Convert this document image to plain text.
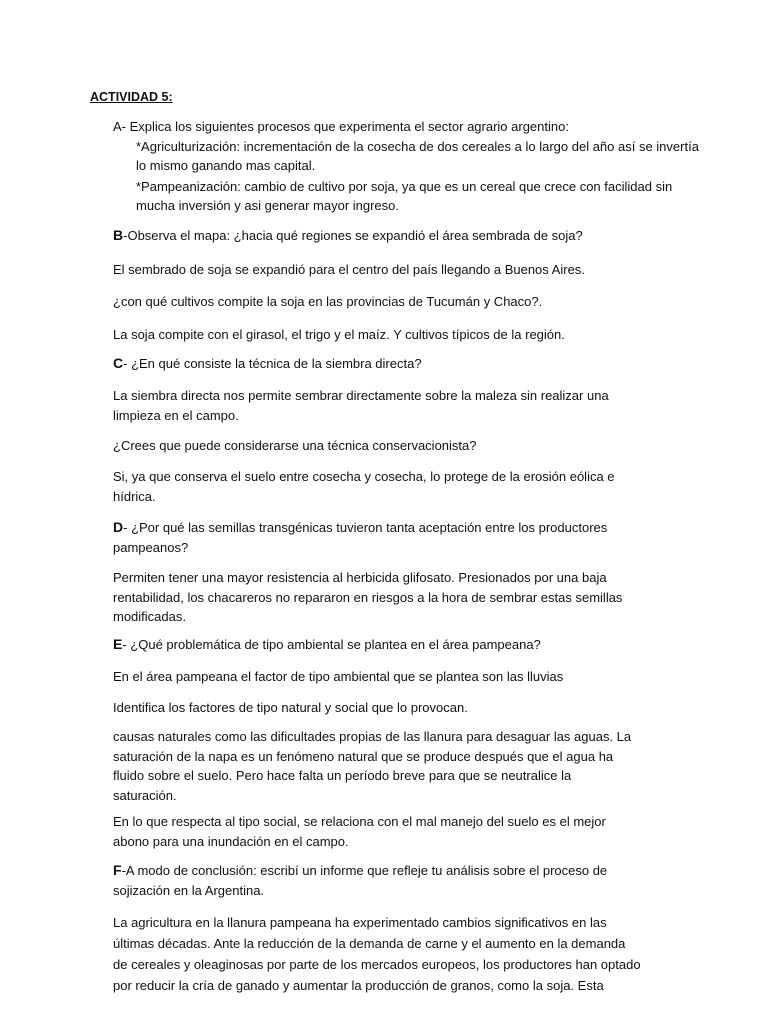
ACTIVIDAD 5:
A- Explica los siguientes procesos que experimenta el sector agrario argentino:
*Agriculturización: incrementación de la cosecha de dos cereales a lo largo del año así se invertía
lo mismo ganando mas capital.
*Pampeanización: cambio de cultivo por soja, ya que es un cereal que crece con facilidad sin
mucha inversión y asi generar mayor ingreso.
B-Observa el mapa: ¿hacia qué regiones se expandió el área sembrada de soja?
El sembrado de soja se expandió para el centro del país llegando a Buenos Aires.
¿con qué cultivos compite la soja en las provincias de Tucumán y Chaco?.
La soja compite con el girasol, el trigo y el maíz. Y cultivos típicos de la región.
C- ¿En qué consiste la técnica de la siembra directa?
La siembra directa nos permite sembrar directamente sobre la maleza sin realizar una
limpieza en el campo.
¿Crees que puede considerarse una técnica conservacionista?
Si, ya que conserva el suelo entre cosecha y cosecha, lo protege de la erosión eólica e
hídrica.
D- ¿Por qué las semillas transgénicas tuvieron tanta aceptación entre los productores
pampeanos?
Permiten tener una mayor resistencia al herbicida glifosato. Presionados por una baja
rentabilidad, los chacareros no repararon en riesgos a la hora de sembrar estas semillas
modificadas.
E- ¿Qué problemática de tipo ambiental se plantea en el área pampeana?
En el área pampeana el factor de tipo ambiental que se plantea son las lluvias
Identifica los factores de tipo natural y social que lo provocan.
causas naturales como las dificultades propias de las llanura para desaguar las aguas. La
saturación de la napa es un fenómeno natural que se produce después que el agua ha
fluido sobre el suelo. Pero hace falta un período breve para que se neutralice la
saturación.
En lo que respecta al tipo social, se relaciona con el mal manejo del suelo es el mejor
abono para una inundación en el campo.
F-A modo de conclusión: escribí un informe que refleje tu análisis sobre el proceso de
sojización en la Argentina.
La agricultura en la llanura pampeana ha experimentado cambios significativos en las
últimas décadas. Ante la reducción de la demanda de carne y el aumento en la demanda
de cereales y oleaginosas por parte de los mercados europeos, los productores han optado
por reducir la cría de ganado y aumentar la producción de granos, como la soja. Esta
